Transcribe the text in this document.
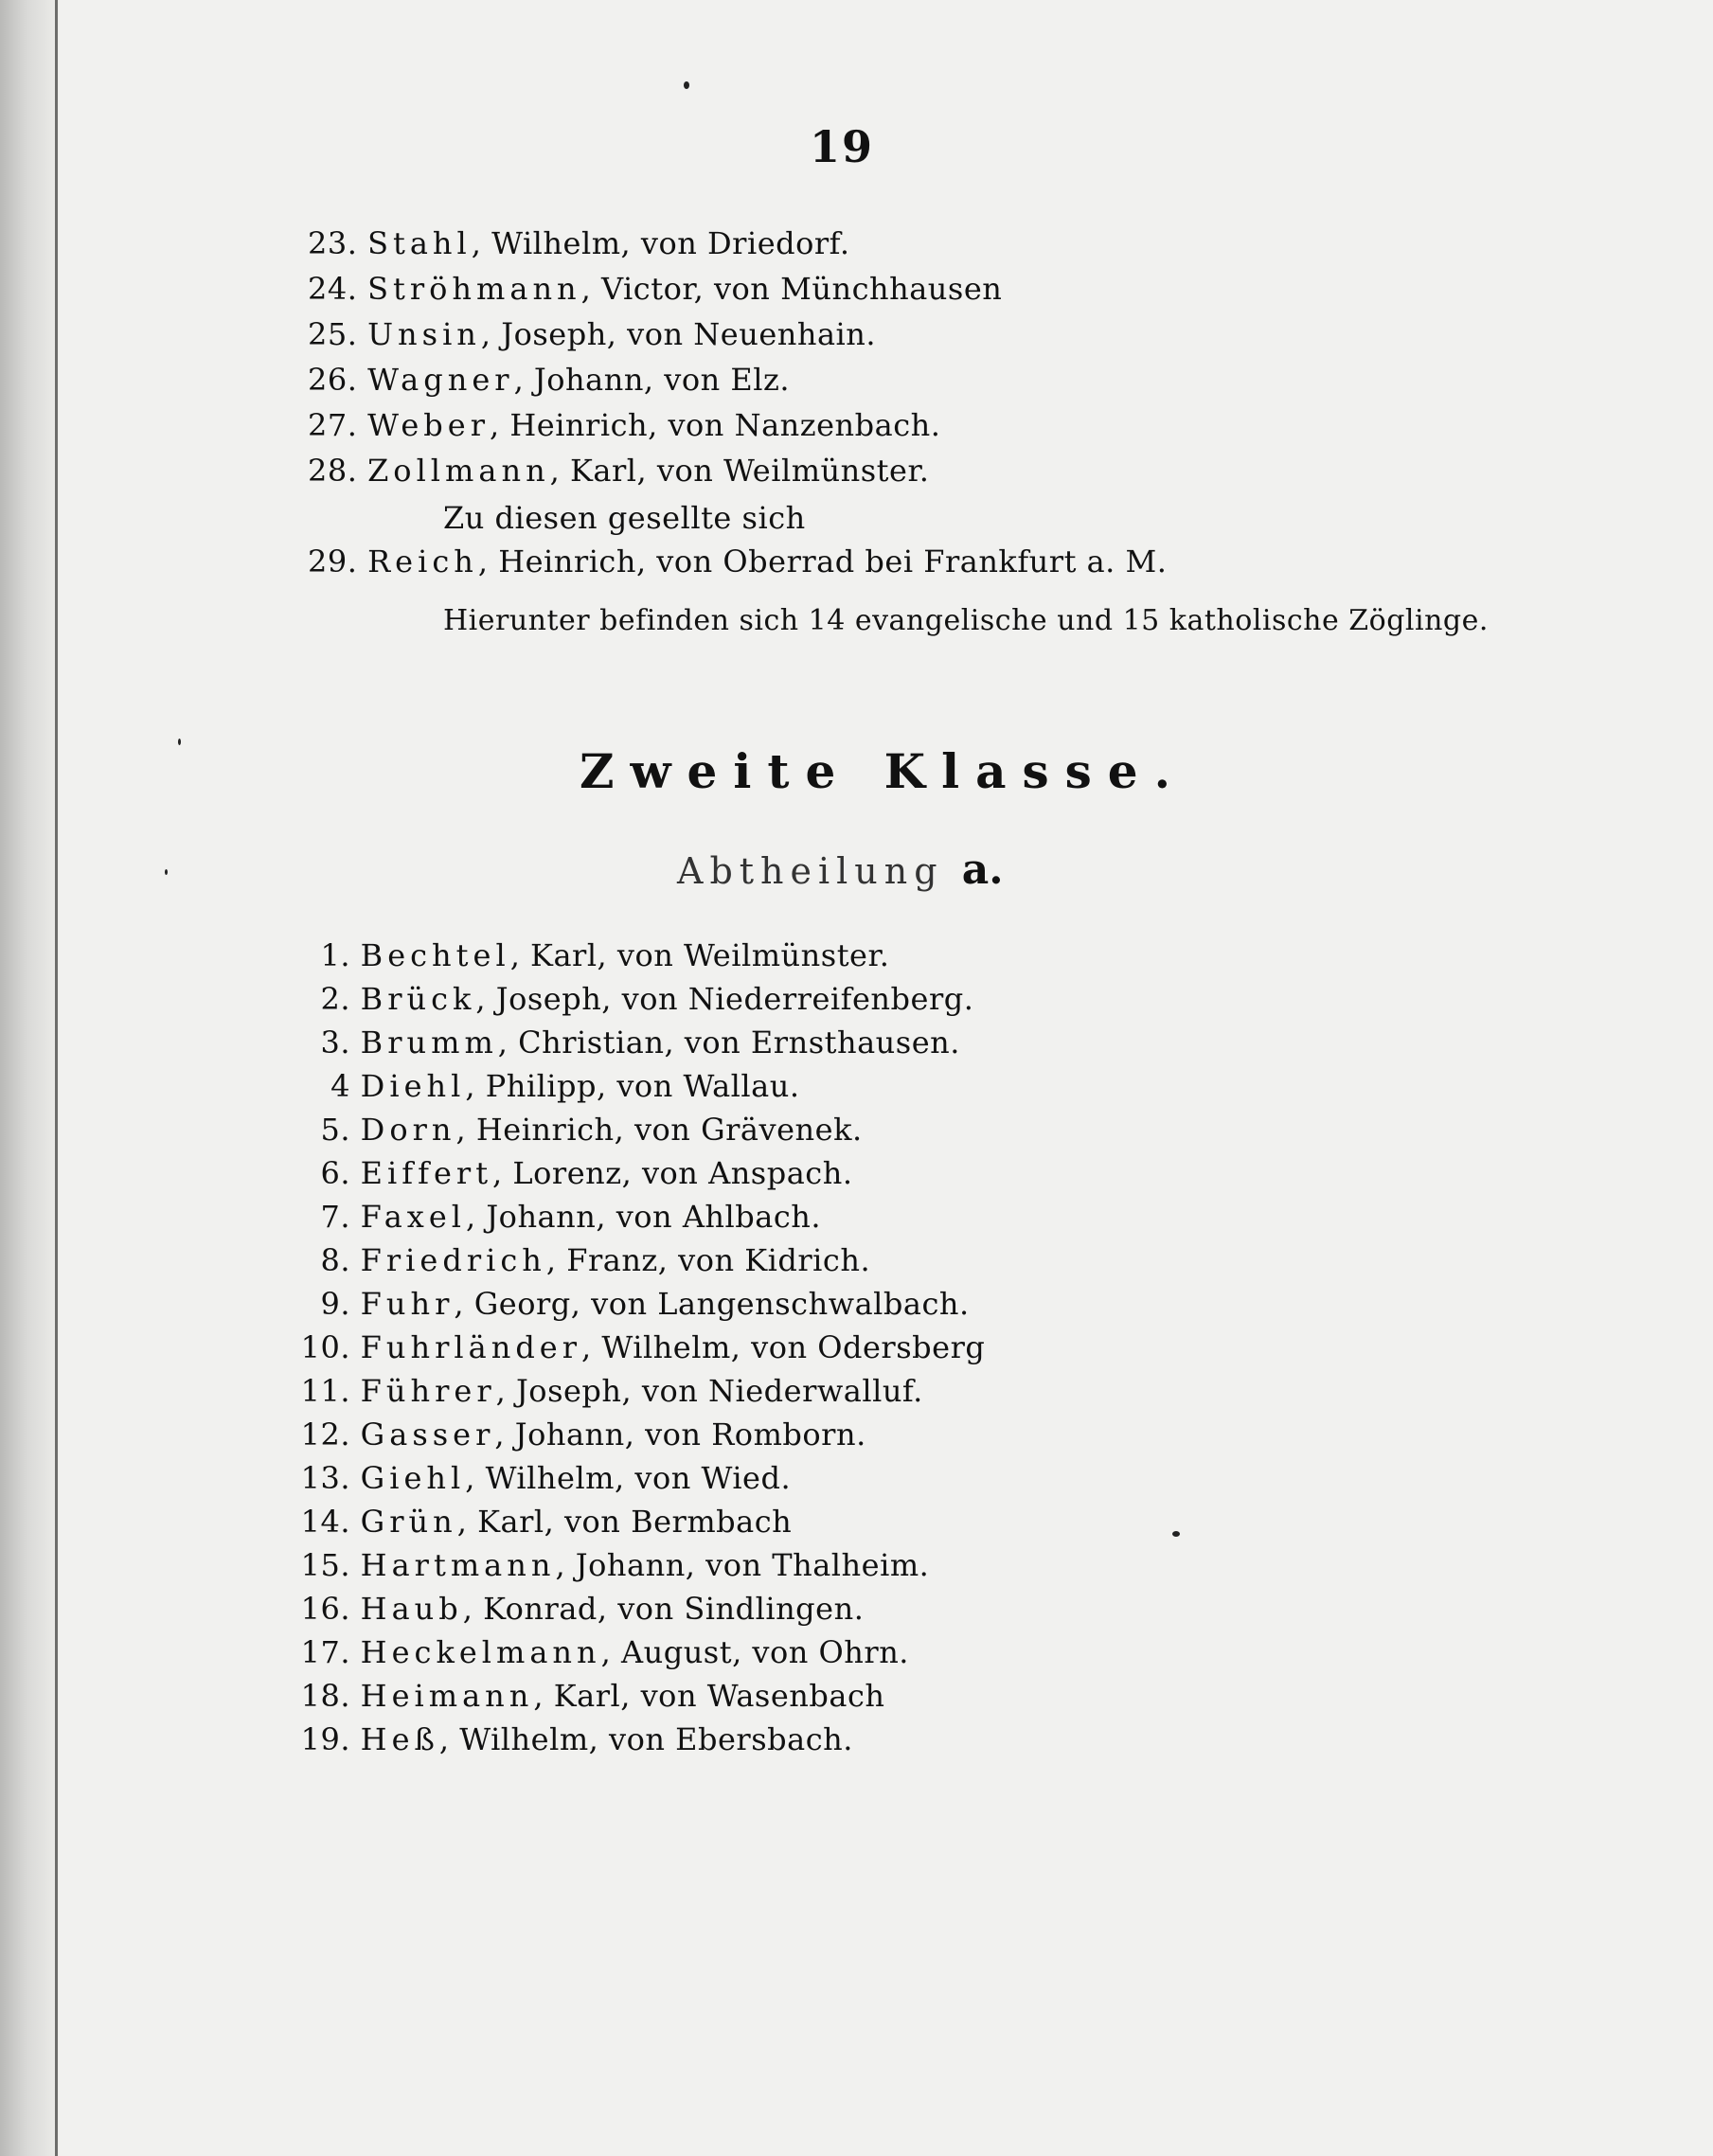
19
23. Stahl, Wilhelm, von Driedorf.
24. Ströhmann, Victor, von Münchhausen
25. Unsin, Joseph, von Neuenhain.
26. Wagner, Johann, von Elz.
27. Weber, Heinrich, von Nanzenbach.
28. Zollmann, Karl, von Weilmünster.
Zu diesen gesellte sich
29. Reich, Heinrich, von Oberrad bei Frankfurt a. M.
Hierunter befinden sich 14 evangelische und 15 katholische Zöglinge.
Zweite Klasse.
Abtheilung a.
1. Bechtel, Karl, von Weilmünster.
2. Brück, Joseph, von Niederreifenberg.
3. Brumm, Christian, von Ernsthausen.
4 Diehl, Philipp, von Wallau.
5. Dorn, Heinrich, von Grävenek.
6. Eiffert, Lorenz, von Anspach.
7. Faxel, Johann, von Ahlbach.
8. Friedrich, Franz, von Kidrich.
9. Fuhr, Georg, von Langenschwalbach.
10. Fuhrländer, Wilhelm, von Odersberg
11. Führer, Joseph, von Niederwalluf.
12. Gasser, Johann, von Romborn.
13. Giehl, Wilhelm, von Wied.
14. Grün, Karl, von Bermbach
15. Hartmann, Johann, von Thalheim.
16. Haub, Konrad, von Sindlingen.
17. Heckelmann, August, von Ohrn.
18. Heimann, Karl, von Wasenbach
19. Heß, Wilhelm, von Ebersbach.
